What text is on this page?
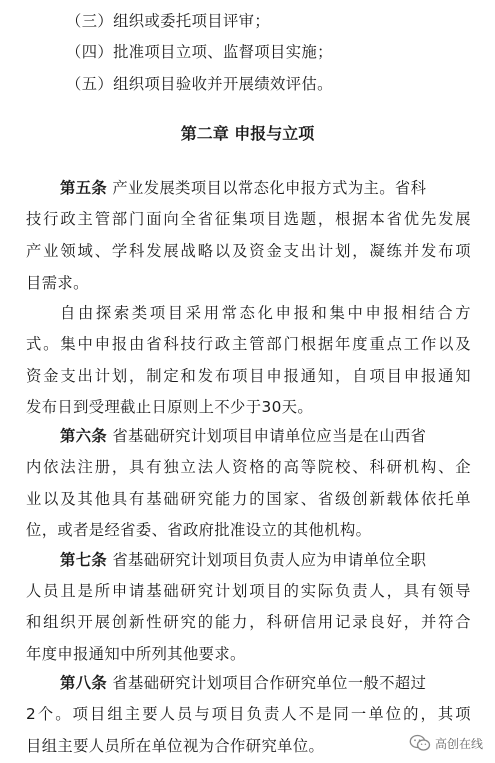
（三）组织或委托项目评审；
（四）批准项目立项、监督项目实施；
（五）组织项目验收并开展绩效评估。
第二章 申报与立项
第五条 产业发展类项目以常态化申报方式为主。省科
技行政主管部门面向全省征集项目选题，根据本省优先发展
产业领域、学科发展战略以及资金支出计划，凝练并发布项
目需求。
自由探索类项目采用常态化申报和集中申报相结合方
式。集中申报由省科技行政主管部门根据年度重点工作以及
资金支出计划，制定和发布项目申报通知，自项目申报通知
发布日到受理截止日原则上不少于30天。
第六条 省基础研究计划项目申请单位应当是在山西省
内依法注册，具有独立法人资格的高等院校、科研机构、企
业以及其他具有基础研究能力的国家、省级创新载体依托单
位，或者是经省委、省政府批准设立的其他机构。
第七条 省基础研究计划项目负责人应为申请单位全职
人员且是所申请基础研究计划项目的实际负责人，具有领导
和组织开展创新性研究的能力，科研信用记录良好，并符合
年度申报通知中所列其他要求。
第八条 省基础研究计划项目合作研究单位一般不超过
2个。项目组主要人员与项目负责人不是同一单位的，其项
目组主要人员所在单位视为合作研究单位。	高创在线
